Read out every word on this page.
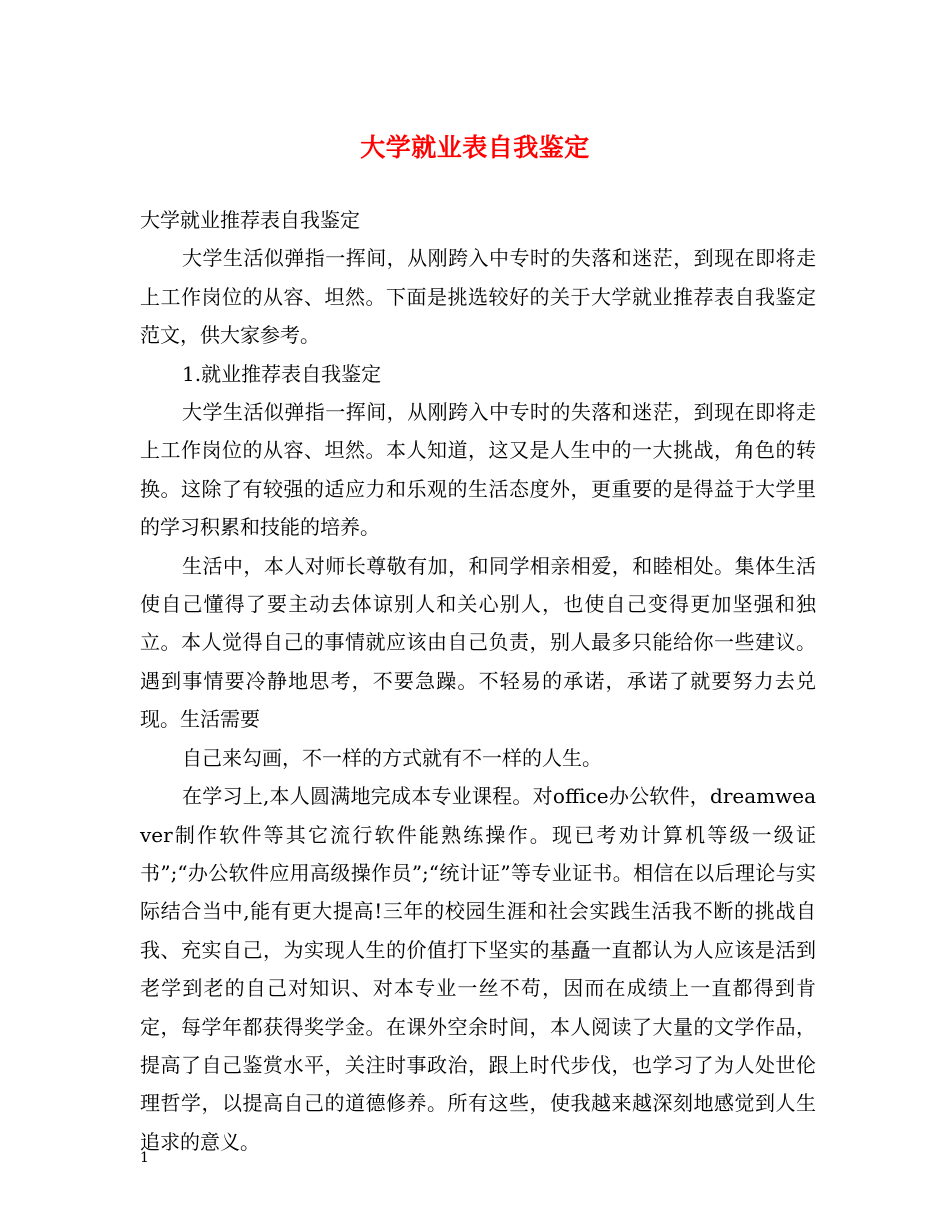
大学就业表自我鉴定

大学就业推荐表自我鉴定

大学生活似弹指一挥间，从刚跨入中专时的失落和迷茫，到现在即将走上工作岗位的从容、坦然。下面是挑选较好的关于大学就业推荐表自我鉴定范文，供大家参考。

1.就业推荐表自我鉴定

大学生活似弹指一挥间，从刚跨入中专时的失落和迷茫，到现在即将走上工作岗位的从容、坦然。本人知道，这又是人生中的一大挑战，角色的转换。这除了有较强的适应力和乐观的生活态度外，更重要的是得益于大学里的学习积累和技能的培养。

生活中，本人对师长尊敬有加，和同学相亲相爱，和睦相处。集体生活使自己懂得了要主动去体谅别人和关心别人，也使自己变得更加坚强和独立。本人觉得自己的事情就应该由自己负责，别人最多只能给你一些建议。遇到事情要冷静地思考，不要急躁。不轻易的承诺，承诺了就要努力去兑现。生活需要

自己来勾画，不一样的方式就有不一样的人生。

在学习上,本人圆满地完成本专业课程。对office办公软件，dreamweaver制作软件等其它流行软件能熟练操作。现已考劝计算机等级一级证书”;“办公软件应用高级操作员”;“统计证”等专业证书。相信在以后理论与实际结合当中,能有更大提高!三年的校园生涯和社会实践生活我不断的挑战自我、充实自己，为实现人生的价值打下坚实的基矗一直都认为人应该是活到老学到老的自己对知识、对本专业一丝不苟，因而在成绩上一直都得到肯定，每学年都获得奖学金。在课外空余时间，本人阅读了大量的文学作品，提高了自己鉴赏水平，关注时事政治，跟上时代步伐，也学习了为人处世伦理哲学，以提高自己的道德修养。所有这些，使我越来越深刻地感觉到人生追求的意义。

1
